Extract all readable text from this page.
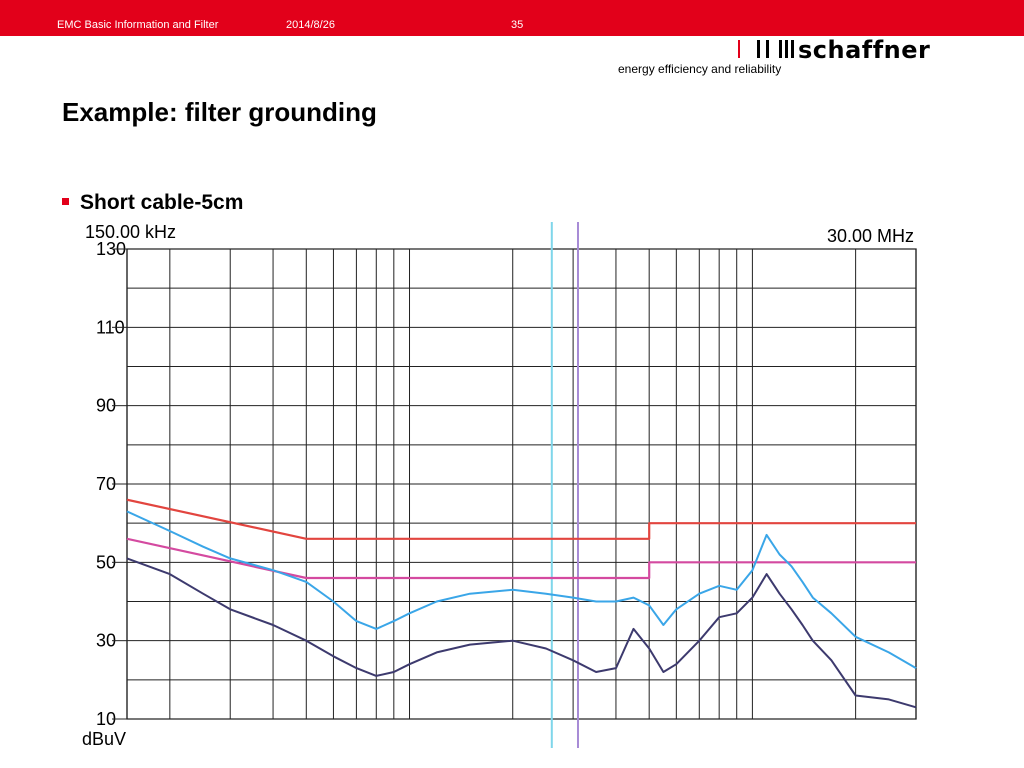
EMC Basic Information and Filter	2014/8/26	35
schaffner
energy efficiency and reliability
Example: filter grounding
Short cable-5cm
10
30
50
70
90
110
130
150.00 kHz	30.00 MHz
dBuV
